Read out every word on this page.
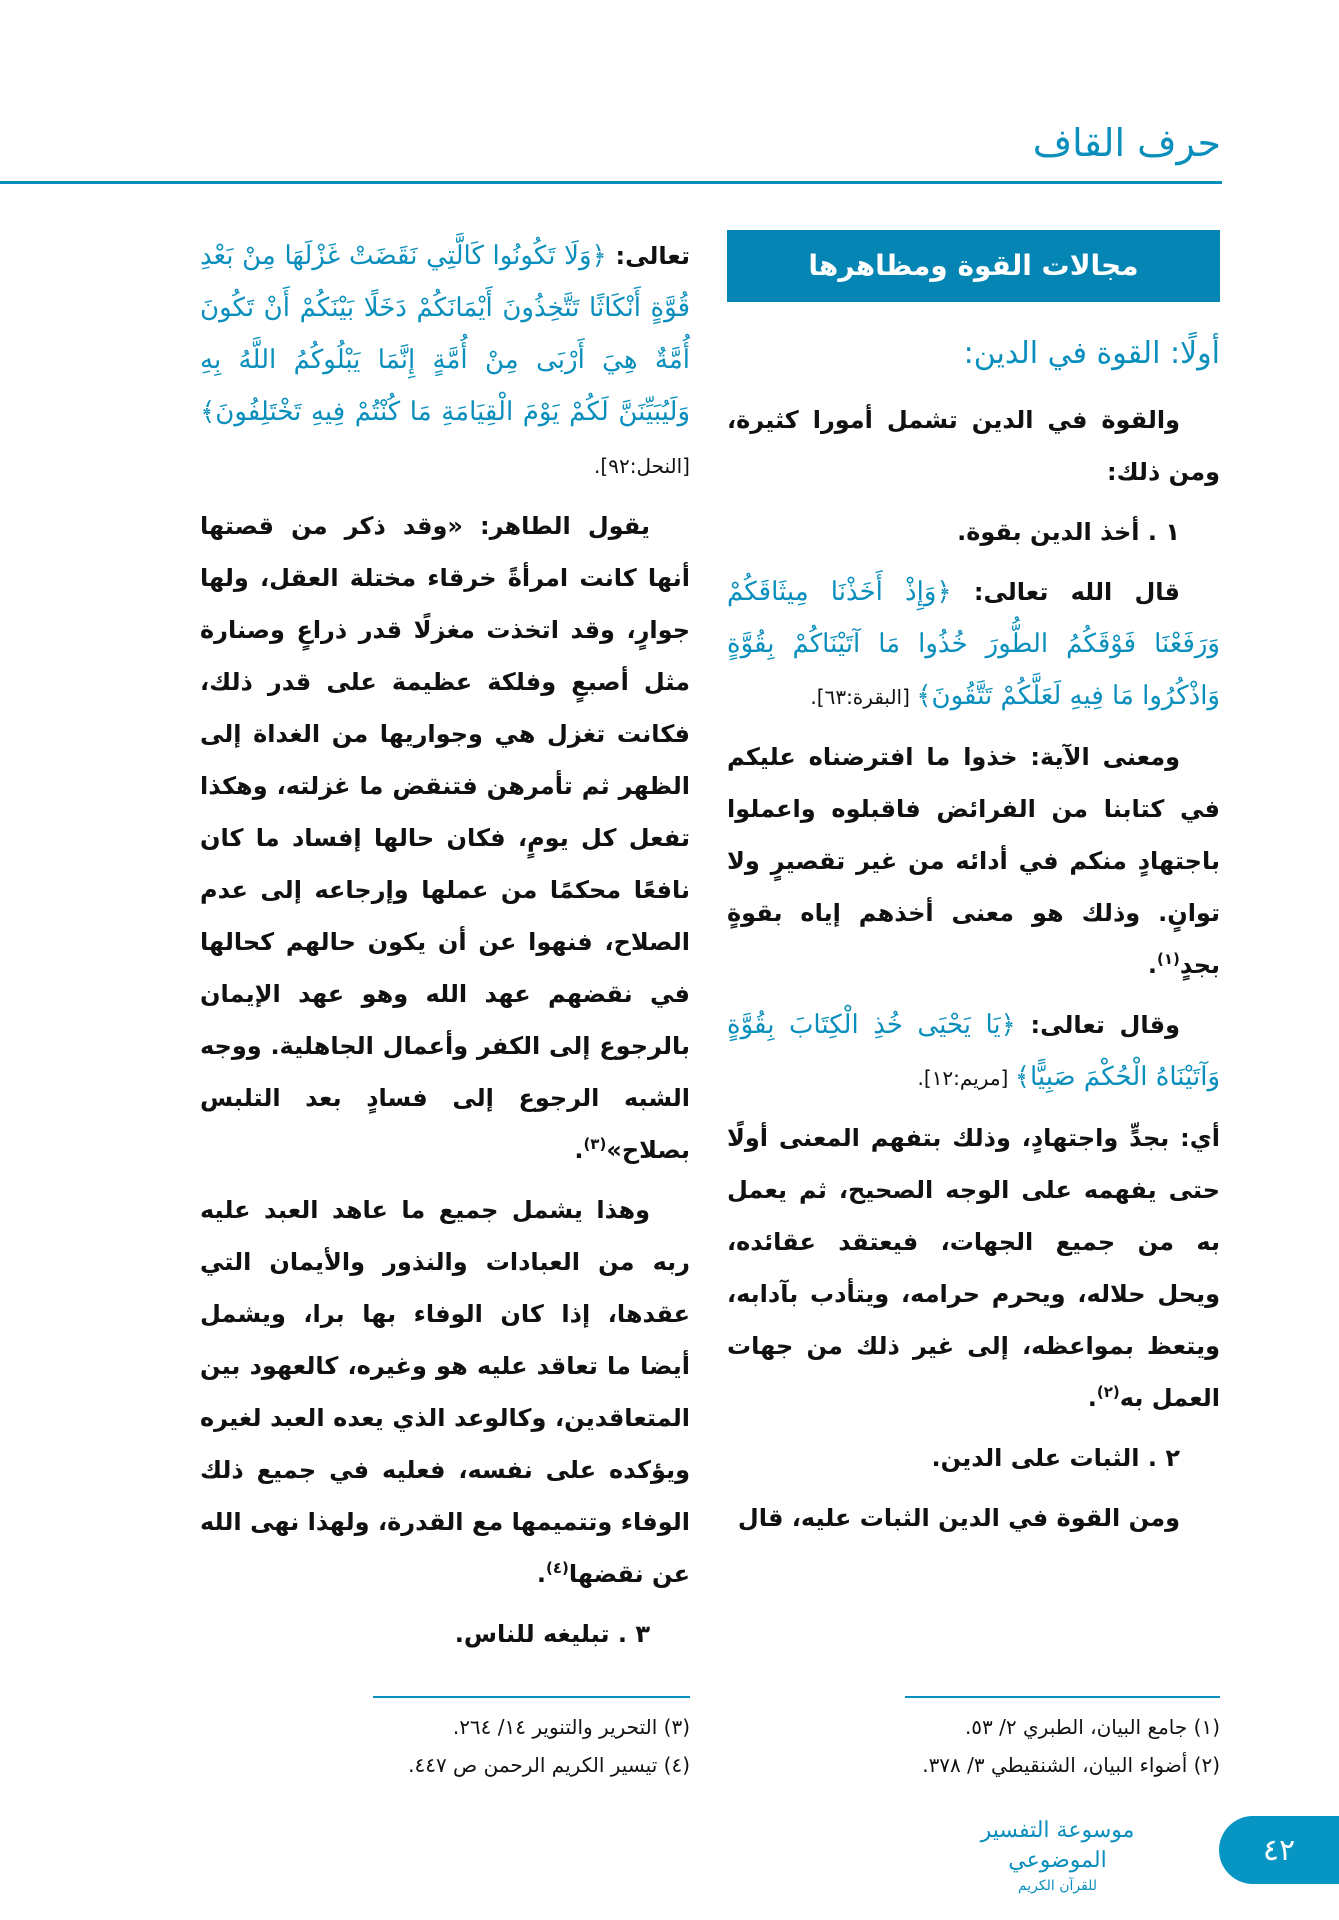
حرف القاف
مجالات القوة ومظاهرها

أولًا: القوة في الدين:

والقوة في الدين تشمل أمورا كثيرة، ومن ذلك:

١ . أخذ الدين بقوة.

قال الله تعالى: ﴿وَإِذْ أَخَذْنَا مِيثَاقَكُمْ وَرَفَعْنَا فَوْقَكُمُ الطُّورَ خُذُوا مَا آتَيْنَاكُمْ بِقُوَّةٍ وَاذْكُرُوا مَا فِيهِ لَعَلَّكُمْ تَتَّقُونَ﴾ [البقرة:٦٣].

ومعنى الآية: خذوا ما افترضناه عليكم في كتابنا من الفرائض فاقبلوه واعملوا باجتهادٍ منكم في أدائه من غير تقصيرٍ ولا توانٍ. وذلك هو معنى أخذهم إياه بقوةٍ بجدٍ$^{(١)}$.

وقال تعالى: ﴿يَا يَحْيَى خُذِ الْكِتَابَ بِقُوَّةٍ وَآتَيْنَاهُ الْحُكْمَ صَبِيًّا﴾ [مريم:١٢].

أي: بجدٍّ واجتهادٍ، وذلك بتفهم المعنى أولًا حتى يفهمه على الوجه الصحيح، ثم يعمل به من جميع الجهات، فيعتقد عقائده، ويحل حلاله، ويحرم حرامه، ويتأدب بآدابه، ويتعظ بمواعظه، إلى غير ذلك من جهات العمل به$^{(٢)}$.

٢ . الثبات على الدين.

ومن القوة في الدين الثبات عليه، قال

تعالى: ﴿وَلَا تَكُونُوا كَالَّتِي نَقَضَتْ غَزْلَهَا مِنْ بَعْدِ قُوَّةٍ أَنْكَاثًا تَتَّخِذُونَ أَيْمَانَكُمْ دَخَلًا بَيْنَكُمْ أَنْ تَكُونَ أُمَّةٌ هِيَ أَرْبَى مِنْ أُمَّةٍ إِنَّمَا يَبْلُوكُمُ اللَّهُ بِهِ وَلَيُبَيِّنَنَّ لَكُمْ يَوْمَ الْقِيَامَةِ مَا كُنْتُمْ فِيهِ تَخْتَلِفُونَ﴾ [النحل:٩٢].

يقول الطاهر: «وقد ذكر من قصتها أنها كانت امرأةً خرقاء مختلة العقل، ولها جوارٍ، وقد اتخذت مغزلًا قدر ذراعٍ وصنارة مثل أصبعٍ وفلكة عظيمة على قدر ذلك، فكانت تغزل هي وجواريها من الغداة إلى الظهر ثم تأمرهن فتنقض ما غزلته، وهكذا تفعل كل يومٍ، فكان حالها إفساد ما كان نافعًا محكمًا من عملها وإرجاعه إلى عدم الصلاح، فنهوا عن أن يكون حالهم كحالها في نقضهم عهد الله وهو عهد الإيمان بالرجوع إلى الكفر وأعمال الجاهلية. ووجه الشبه الرجوع إلى فسادٍ بعد التلبس بصلاح»$^{(٣)}$.

وهذا يشمل جميع ما عاهد العبد عليه ربه من العبادات والنذور والأيمان التي عقدها، إذا كان الوفاء بها برا، ويشمل أيضا ما تعاقد عليه هو وغيره، كالعهود بين المتعاقدين، وكالوعد الذي يعده العبد لغيره ويؤكده على نفسه، فعليه في جميع ذلك الوفاء وتتميمها مع القدرة، ولهذا نهى الله عن نقضها$^{(٤)}$.

٣ . تبليغه للناس.

(١) جامع البيان، الطبري ٢/ ٥٣.
(٢) أضواء البيان، الشنقيطي ٣/ ٣٧٨.
(٣) التحرير والتنوير ١٤/ ٢٦٤.
(٤) تيسير الكريم الرحمن ص ٤٤٧.
موسوعة التفسير الموضوعي
للقرآن الكريم
٤٢
